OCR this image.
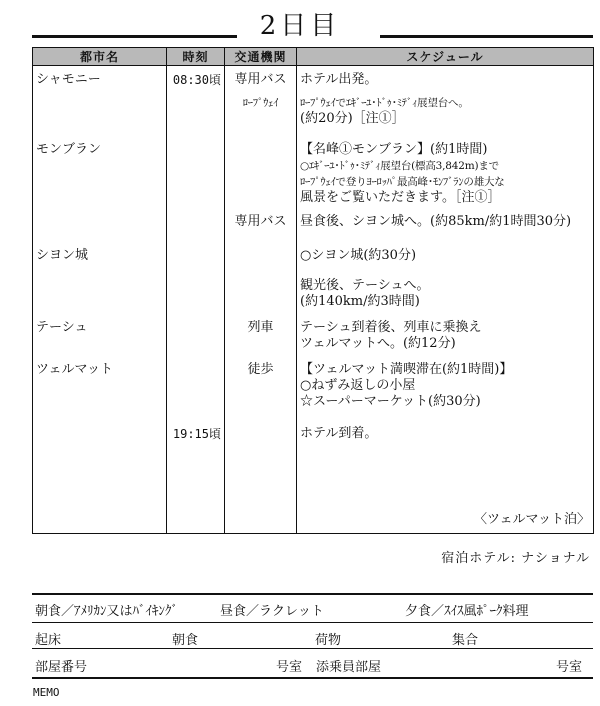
2日目
都市名	時刻	交通機関	スケジュール
シャモニー	08:30頃	専用バス	ホテル出発。

		ﾛｰﾌﾟｳｪｲ	ﾛｰﾌﾟｳｪｲでｴｷﾞｰﾕ･ﾄﾞｩ･ﾐﾃﾞｨ展望台へ。
(約20分)［注①］

モンブラン			【名峰①モンブラン】(約1時間)
○ｴｷﾞｰﾕ･ﾄﾞｩ･ﾐﾃﾞｨ展望台(標高3,842m)まで
ﾛｰﾌﾟｳｪｲで登りﾖｰﾛｯﾊﾟ最高峰･ﾓﾝﾌﾞﾗﾝの雄大な
風景をご覧いただきます。［注①］

		専用バス	昼食後、シヨン城へ。(約85km/約1時間30分)

シヨン城			○シヨン城(約30分)

			観光後、テーシュへ。
(約140km/約3時間)

テーシュ		列車	テーシュ到着後、列車に乗換え
ツェルマットへ。(約12分)

ツェルマット		徒歩	【ツェルマット満喫滞在(約1時間)】
○ねずみ返しの小屋
☆スーパーマーケット(約30分)

	19:15頃		ホテル到着。

			〈ツェルマット泊〉
宿泊ホテル: ナショナル
朝食／ｱﾒﾘｶﾝ又はﾊﾞｲｷﾝｸﾞ	昼食／ラクレット	夕食／ｽｲｽ風ﾎﾟｰｸ料理
起床	朝食	荷物	集合
部屋番号	号室 添乗員部屋	号室
MEMO
